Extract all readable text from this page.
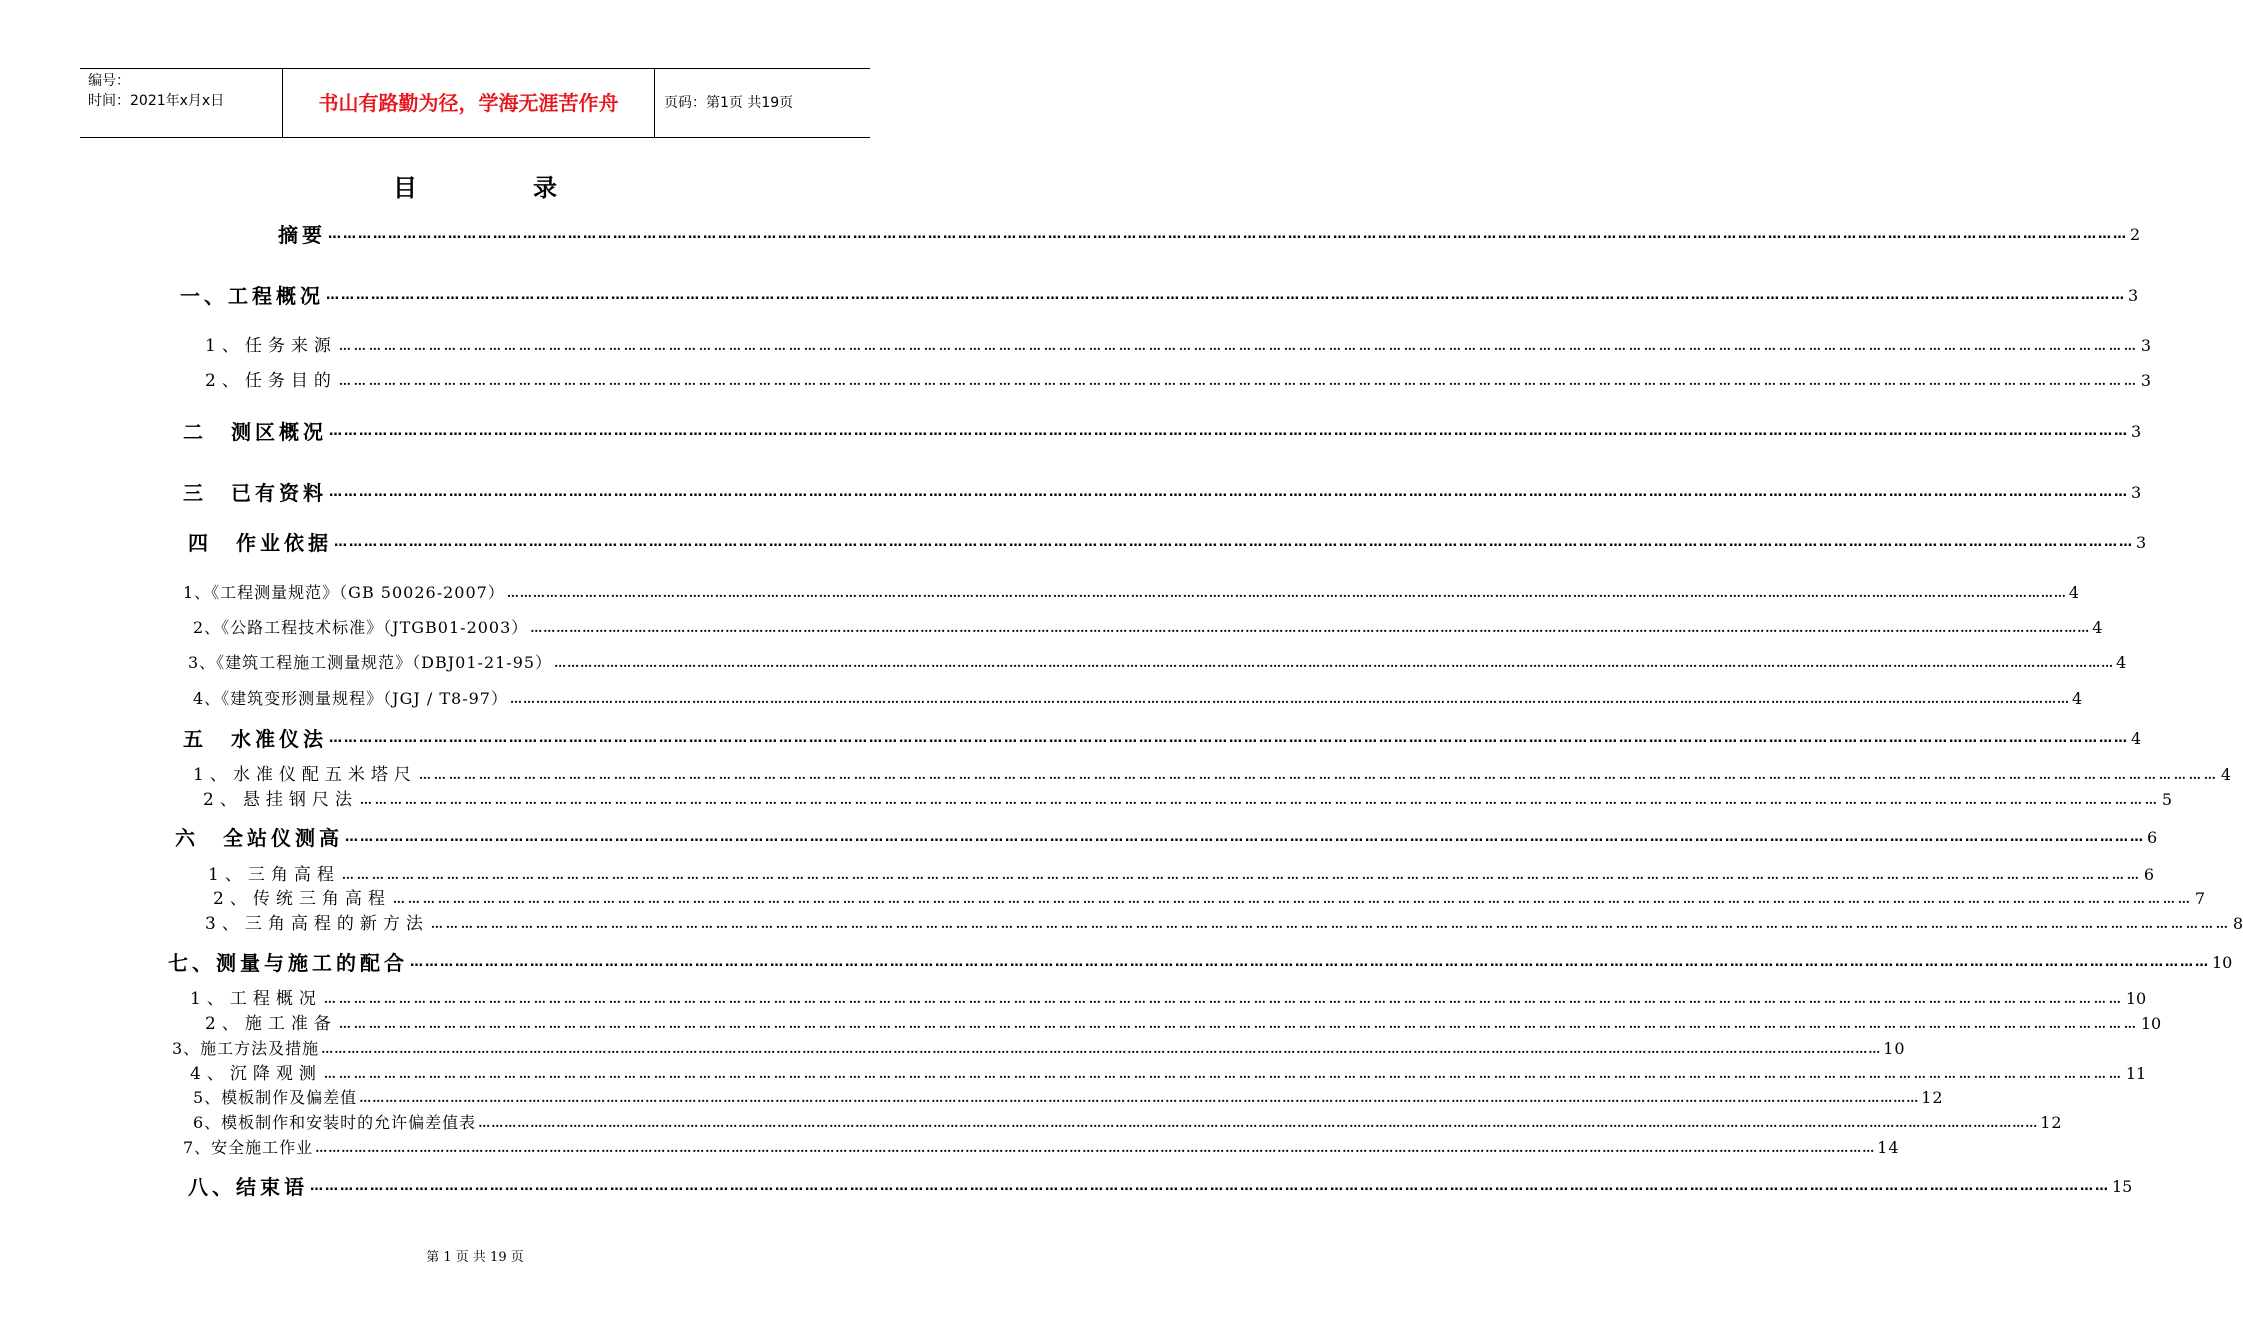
编号：
时间：2021年x月x日	书山有路勤为径，学海无涯苦作舟	页码：第1页 共19页
目	录
摘要 ……………………………………………………………………………………………………………………………………………………………………………………………………………………………………………………………………………………………………………………………… 2
一、工程概况 ……………………………………………………………………………………………………………………………………………………………………………………………………………………………………………………………………………………………………………………………… 3
1、任务来源 ……………………………………………………………………………………………………………………………………………………………………………………………………………………………………………………………………………………………………………………………… 3
2、任务目的 ……………………………………………………………………………………………………………………………………………………………………………………………………………………………………………………………………………………………………………………………… 3
二　测区概况 ……………………………………………………………………………………………………………………………………………………………………………………………………………………………………………………………………………………………………………………………… 3
三　已有资料 ……………………………………………………………………………………………………………………………………………………………………………………………………………………………………………………………………………………………………………………………… 3
四　作业依据 ……………………………………………………………………………………………………………………………………………………………………………………………………………………………………………………………………………………………………………………………… 3
1、《工程测量规范》（GB 50026-2007） ……………………………………………………………………………………………………………………………………………………………………………………………………………………………………………………………………………………………………………………………… 4
2、《公路工程技术标准》（JTGB01-2003） ……………………………………………………………………………………………………………………………………………………………………………………………………………………………………………………………………………………………………………………………… 4
3、《建筑工程施工测量规范》（DBJ01-21-95） ……………………………………………………………………………………………………………………………………………………………………………………………………………………………………………………………………………………………………………………………… 4
4、《建筑变形测量规程》（JGJ / T8-97） ……………………………………………………………………………………………………………………………………………………………………………………………………………………………………………………………………………………………………………………………… 4
五　水准仪法 ……………………………………………………………………………………………………………………………………………………………………………………………………………………………………………………………………………………………………………………………… 4
1、水准仪配五米塔尺 ……………………………………………………………………………………………………………………………………………………………………………………………………………………………………………………………………………………………………………………………… 4
2、悬挂钢尺法 ……………………………………………………………………………………………………………………………………………………………………………………………………………………………………………………………………………………………………………………………… 5
六　全站仪测高 ……………………………………………………………………………………………………………………………………………………………………………………………………………………………………………………………………………………………………………………………… 6
1、三角高程 ……………………………………………………………………………………………………………………………………………………………………………………………………………………………………………………………………………………………………………………………… 6
2、传统三角高程 ……………………………………………………………………………………………………………………………………………………………………………………………………………………………………………………………………………………………………………………………… 7
3、三角高程的新方法 ……………………………………………………………………………………………………………………………………………………………………………………………………………………………………………………………………………………………………………………………… 8
七、测量与施工的配合 ……………………………………………………………………………………………………………………………………………………………………………………………………………………………………………………………………………………………………………………………… 10
1、工程概况 ……………………………………………………………………………………………………………………………………………………………………………………………………………………………………………………………………………………………………………………………… 10
2、施工准备 ……………………………………………………………………………………………………………………………………………………………………………………………………………………………………………………………………………………………………………………………… 10
3、施工方法及措施 ……………………………………………………………………………………………………………………………………………………………………………………………………………………………………………………………………………………………………………………………… 10
4、沉降观测 ……………………………………………………………………………………………………………………………………………………………………………………………………………………………………………………………………………………………………………………………… 11
5、模板制作及偏差值 ……………………………………………………………………………………………………………………………………………………………………………………………………………………………………………………………………………………………………………………………… 12
6、模板制作和安装时的允许偏差值表 ……………………………………………………………………………………………………………………………………………………………………………………………………………………………………………………………………………………………………………………………… 12
7、安全施工作业 ……………………………………………………………………………………………………………………………………………………………………………………………………………………………………………………………………………………………………………………………… 14
八、结束语 ……………………………………………………………………………………………………………………………………………………………………………………………………………………………………………………………………………………………………………………………… 15
第 1 页 共 19 页
